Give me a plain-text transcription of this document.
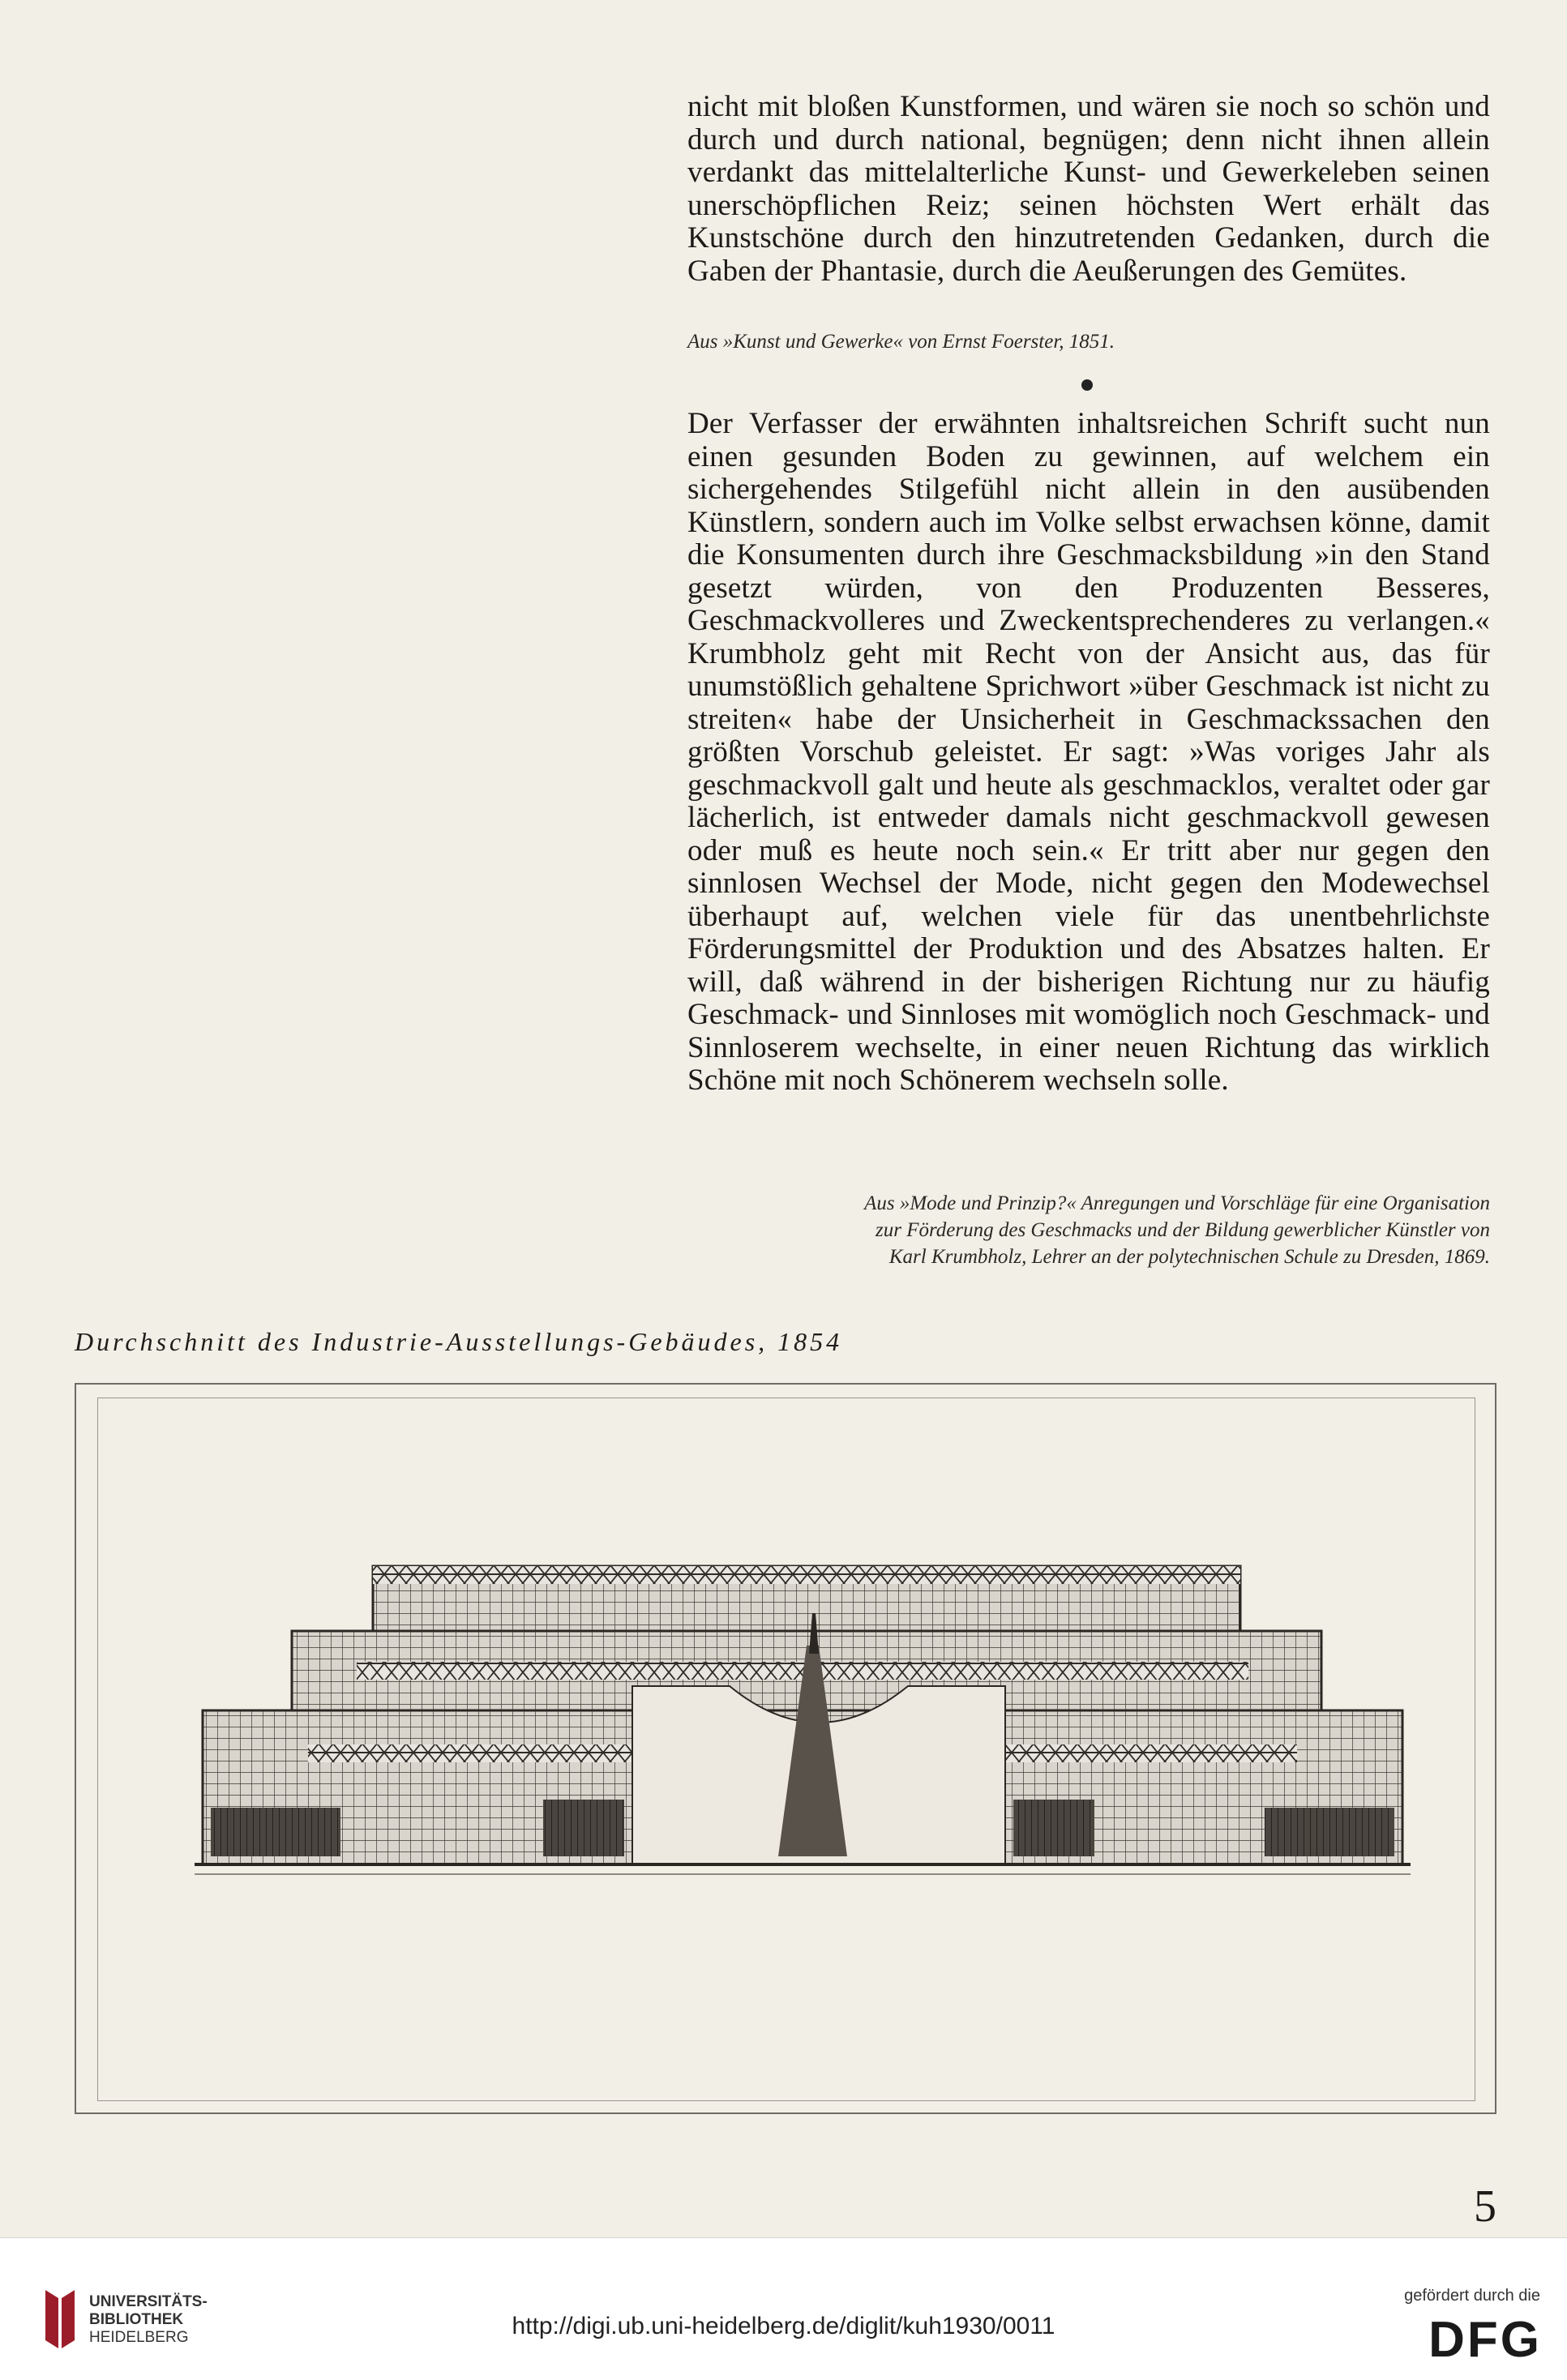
nicht mit bloßen Kunstformen, und wären sie noch so schön und durch und durch national, begnügen; denn nicht ihnen allein verdankt das mittelalterliche Kunst- und Gewerkeleben seinen unerschöpflichen Reiz; seinen höchsten Wert erhält das Kunstschöne durch den hinzutretenden Gedanken, durch die Gaben der Phantasie, durch die Aeußerungen des Gemütes.

Aus »Kunst und Gewerke« von Ernst Foerster, 1851.

Der Verfasser der erwähnten inhaltsreichen Schrift sucht nun einen gesunden Boden zu gewinnen, auf welchem ein sichergehendes Stilgefühl nicht allein in den ausübenden Künstlern, sondern auch im Volke selbst erwachsen könne, damit die Konsumenten durch ihre Geschmacksbildung »in den Stand gesetzt würden, von den Produzenten Besseres, Geschmackvolleres und Zweckentsprechenderes zu verlangen.« Krumbholz geht mit Recht von der Ansicht aus, das für unumstößlich gehaltene Sprichwort »über Geschmack ist nicht zu streiten« habe der Unsicherheit in Geschmackssachen den größten Vorschub geleistet. Er sagt: »Was voriges Jahr als geschmackvoll galt und heute als geschmacklos, veraltet oder gar lächerlich, ist entweder damals nicht geschmackvoll gewesen oder muß es heute noch sein.« Er tritt aber nur gegen den sinnlosen Wechsel der Mode, nicht gegen den Modewechsel überhaupt auf, welchen viele für das unentbehrlichste Förderungsmittel der Produktion und des Absatzes halten. Er will, daß während in der bisherigen Richtung nur zu häufig Geschmack- und Sinnloses mit womöglich noch Geschmack- und Sinnloserem wechselte, in einer neuen Richtung das wirklich Schöne mit noch Schönerem wechseln solle.

Aus »Mode und Prinzip?« Anregungen und Vorschläge für eine Organisation
zur Förderung des Geschmacks und der Bildung gewerblicher Künstler von
Karl Krumbholz, Lehrer an der polytechnischen Schule zu Dresden, 1869.
Durchschnitt des Industrie-Ausstellungs-Gebäudes, 1854
5
UNIVERSITÄTS-
BIBLIOTHEK
HEIDELBERG	http://digi.ub.uni-heidelberg.de/diglit/kuh1930/0011
gefördert durch die
DFG
